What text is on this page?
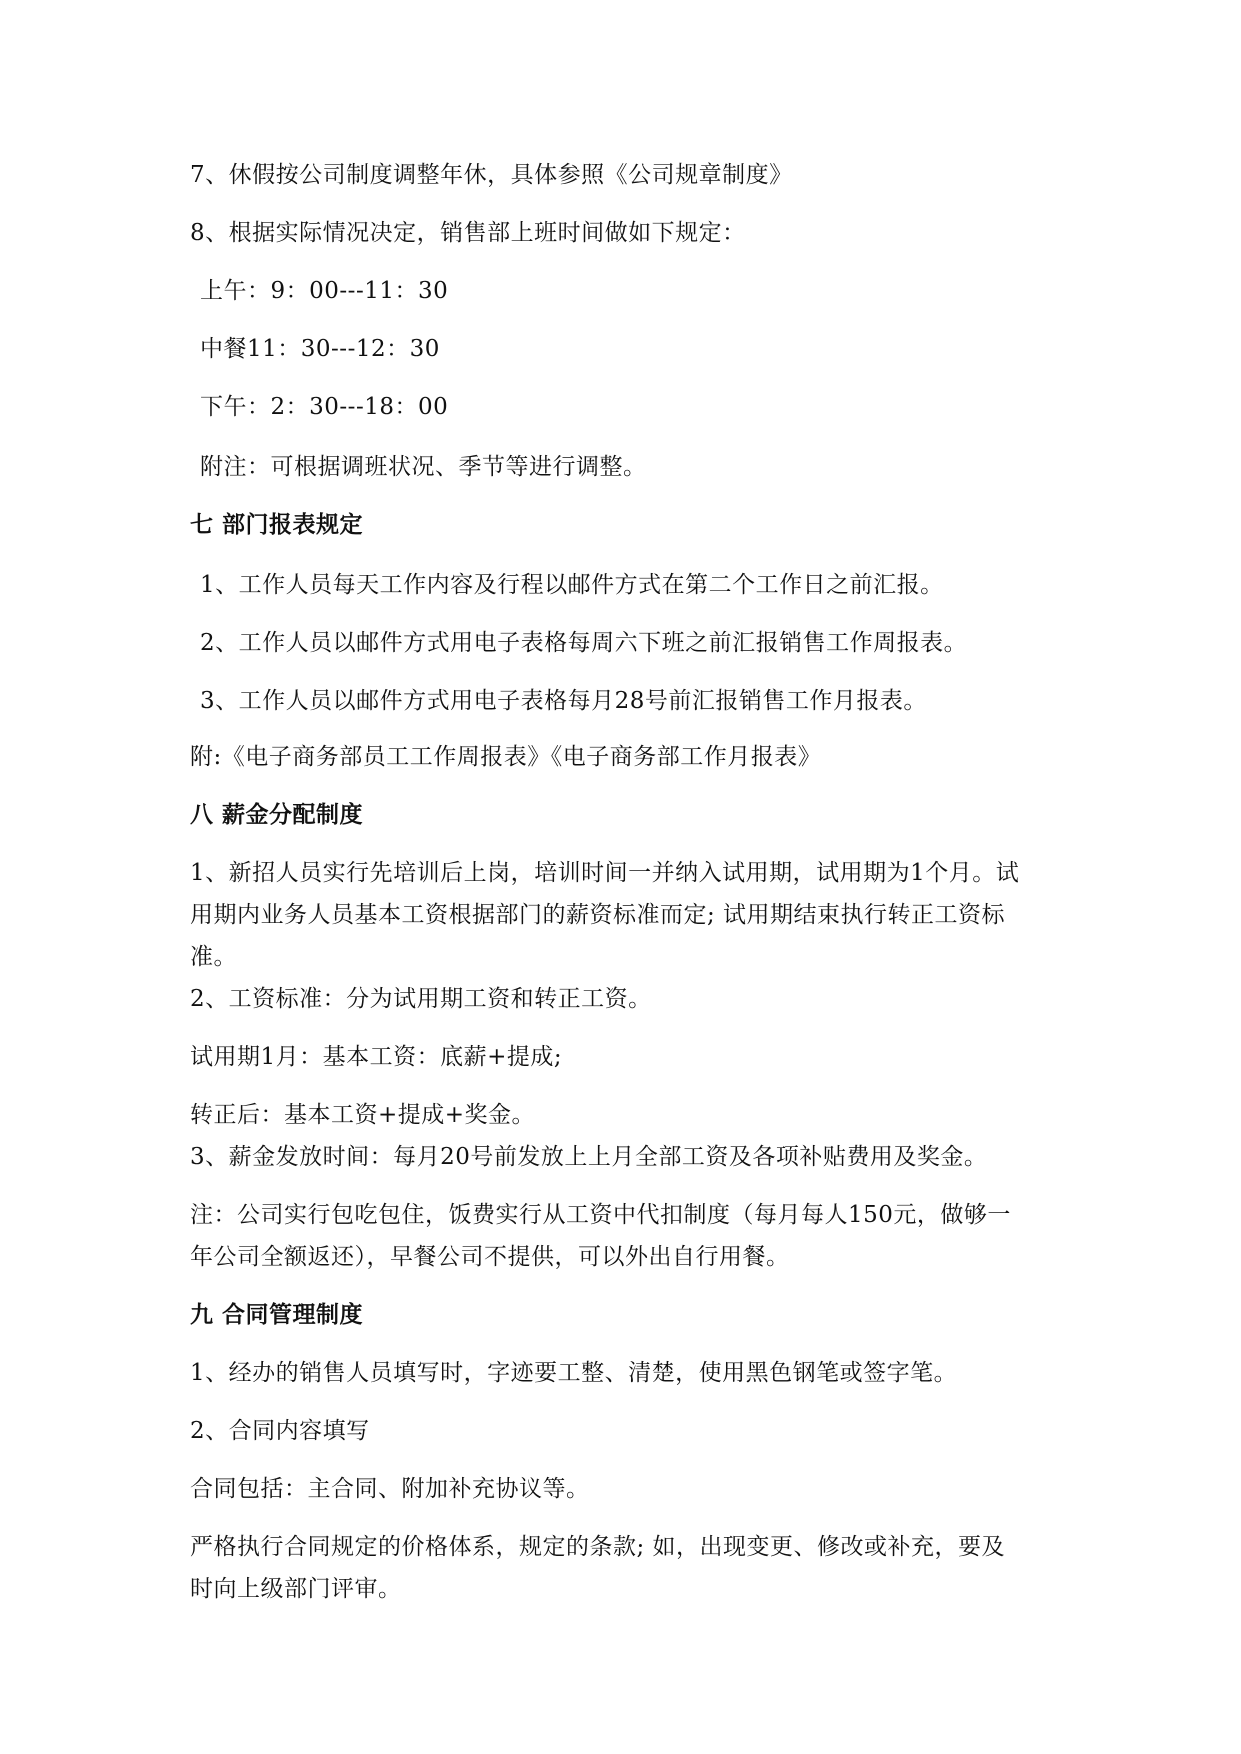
7、休假按公司制度调整年休，具体参照《公司规章制度》
8、根据实际情况决定，销售部上班时间做如下规定：
上午：9：00---11：30
中餐11：30---12：30
下午：2：30---18：00
附注：可根据调班状况、季节等进行调整。
七 部门报表规定
1、工作人员每天工作内容及行程以邮件方式在第二个工作日之前汇报。
2、工作人员以邮件方式用电子表格每周六下班之前汇报销售工作周报表。
3、工作人员以邮件方式用电子表格每月28号前汇报销售工作月报表。
附:《电子商务部员工工作周报表》《电子商务部工作月报表》
八 薪金分配制度
1、新招人员实行先培训后上岗，培训时间一并纳入试用期，试用期为1个月。试
用期内业务人员基本工资根据部门的薪资标准而定; 试用期结束执行转正工资标
准。
2、工资标准：分为试用期工资和转正工资。
试用期1月：基本工资：底薪+提成;
转正后：基本工资+提成+奖金。
3、薪金发放时间：每月20号前发放上上月全部工资及各项补贴费用及奖金。
注：公司实行包吃包住，饭费实行从工资中代扣制度（每月每人150元，做够一
年公司全额返还），早餐公司不提供，可以外出自行用餐。
九 合同管理制度
1、经办的销售人员填写时，字迹要工整、清楚，使用黑色钢笔或签字笔。
2、合同内容填写
合同包括：主合同、附加补充协议等。
严格执行合同规定的价格体系，规定的条款; 如，出现变更、修改或补充，要及
时向上级部门评审。
